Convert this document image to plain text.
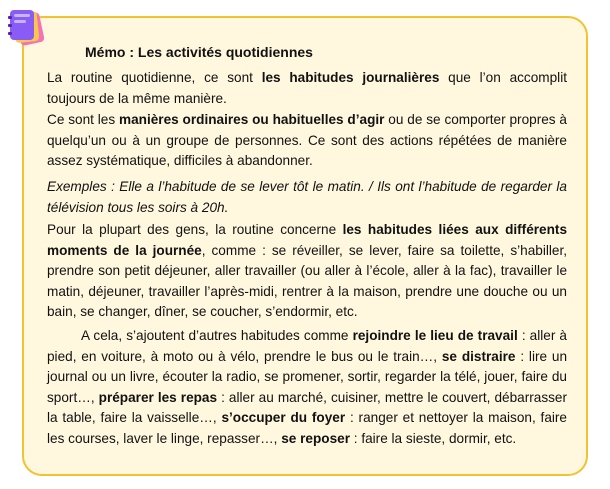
Mémo : Les activités quotidiennes

La routine quotidienne, ce sont les habitudes journalières que l’on accomplit toujours de la même manière.

Ce sont les manières ordinaires ou habituelles d’agir ou de se comporter propres à quelqu’un ou à un groupe de personnes. Ce sont des actions répétées de manière assez systématique, difficiles à abandonner.

Exemples : Elle a l’habitude de se lever tôt le matin. / Ils ont l’habitude de regarder la télévision tous les soirs à 20h.

Pour la plupart des gens, la routine concerne les habitudes liées aux différents moments de la journée, comme : se réveiller, se lever, faire sa toilette, s’habiller, prendre son petit déjeuner, aller travailler (ou aller à l’école, aller à la fac), travailler le matin, déjeuner, travailler l’après-midi, rentrer à la maison, prendre une douche ou un bain, se changer, dîner, se coucher, s’endormir, etc.

A cela, s’ajoutent d’autres habitudes comme rejoindre le lieu de travail : aller à pied, en voiture, à moto ou à vélo, prendre le bus ou le train…, se distraire : lire un journal ou un livre, écouter la radio, se promener, sortir, regarder la télé, jouer, faire du sport…, préparer les repas : aller au marché, cuisiner, mettre le couvert, débarrasser la table, faire la vaisselle…, s’occuper du foyer : ranger et nettoyer la maison, faire les courses, laver le linge, repasser…, se reposer : faire la sieste, dormir, etc.
